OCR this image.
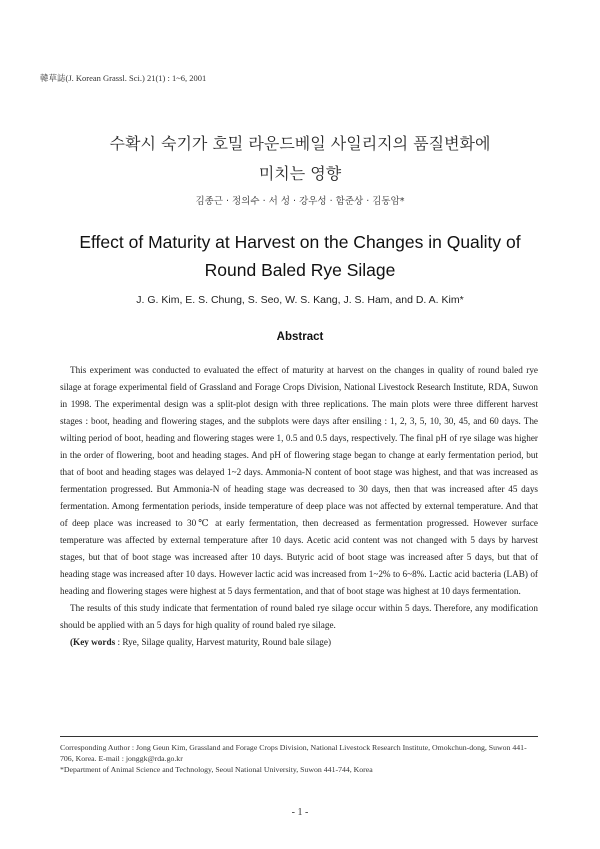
韓草誌(J. Korean Grassl. Sci.) 21(1) : 1~6, 2001
수확시 숙기가 호밀 라운드베일 사일리지의 품질변화에
미치는 영향
김종근 · 정의수 · 서 성 · 강우성 · 함준상 · 김동암*
Effect of Maturity at Harvest on the Changes in Quality of
Round Baled Rye Silage
J. G. Kim, E. S. Chung, S. Seo, W. S. Kang, J. S. Ham, and D. A. Kim*
Abstract

This experiment was conducted to evaluated the effect of maturity at harvest on the changes in quality of round baled rye silage at forage experimental field of Grassland and Forage Crops Division, National Livestock Research Institute, RDA, Suwon in 1998. The experimental design was a split-plot design with three replications. The main plots were three different harvest stages : boot, heading and flowering stages, and the subplots were days after ensiling : 1, 2, 3, 5, 10, 30, 45, and 60 days. The wilting period of boot, heading and flowering stages were 1, 0.5 and 0.5 days, respectively. The final pH of rye silage was higher in the order of flowering, boot and heading stages. And pH of flowering stage began to change at early fermentation period, but that of boot and heading stages was delayed 1~2 days. Ammonia-N content of boot stage was highest, and that was increased as fermentation progressed. But Ammonia-N of heading stage was decreased to 30 days, then that was increased after 45 days fermentation. Among fermentation periods, inside temperature of deep place was not affected by external temperature. And that of deep place was increased to 30℃ at early fermentation, then decreased as fermentation progressed. However surface temperature was affected by external temperature after 10 days. Acetic acid content was not changed with 5 days by harvest stages, but that of boot stage was increased after 10 days. Butyric acid of boot stage was increased after 5 days, but that of heading stage was increased after 10 days. However lactic acid was increased from 1~2% to 6~8%. Lactic acid bacteria (LAB) of heading and flowering stages were highest at 5 days fermentation, and that of boot stage was highest at 10 days fermentation.

The results of this study indicate that fermentation of round baled rye silage occur within 5 days. Therefore, any modification should be applied with an 5 days for high quality of round baled rye silage.

(Key words : Rye, Silage quality, Harvest maturity, Round bale silage)

Corresponding Author : Jong Geun Kim, Grassland and Forage Crops Division, National Livestock Research Institute, Omokchun-dong, Suwon 441-706, Korea. E-mail : jonggk@rda.go.kr

*Department of Animal Science and Technology, Seoul National University, Suwon 441-744, Korea

- 1 -
